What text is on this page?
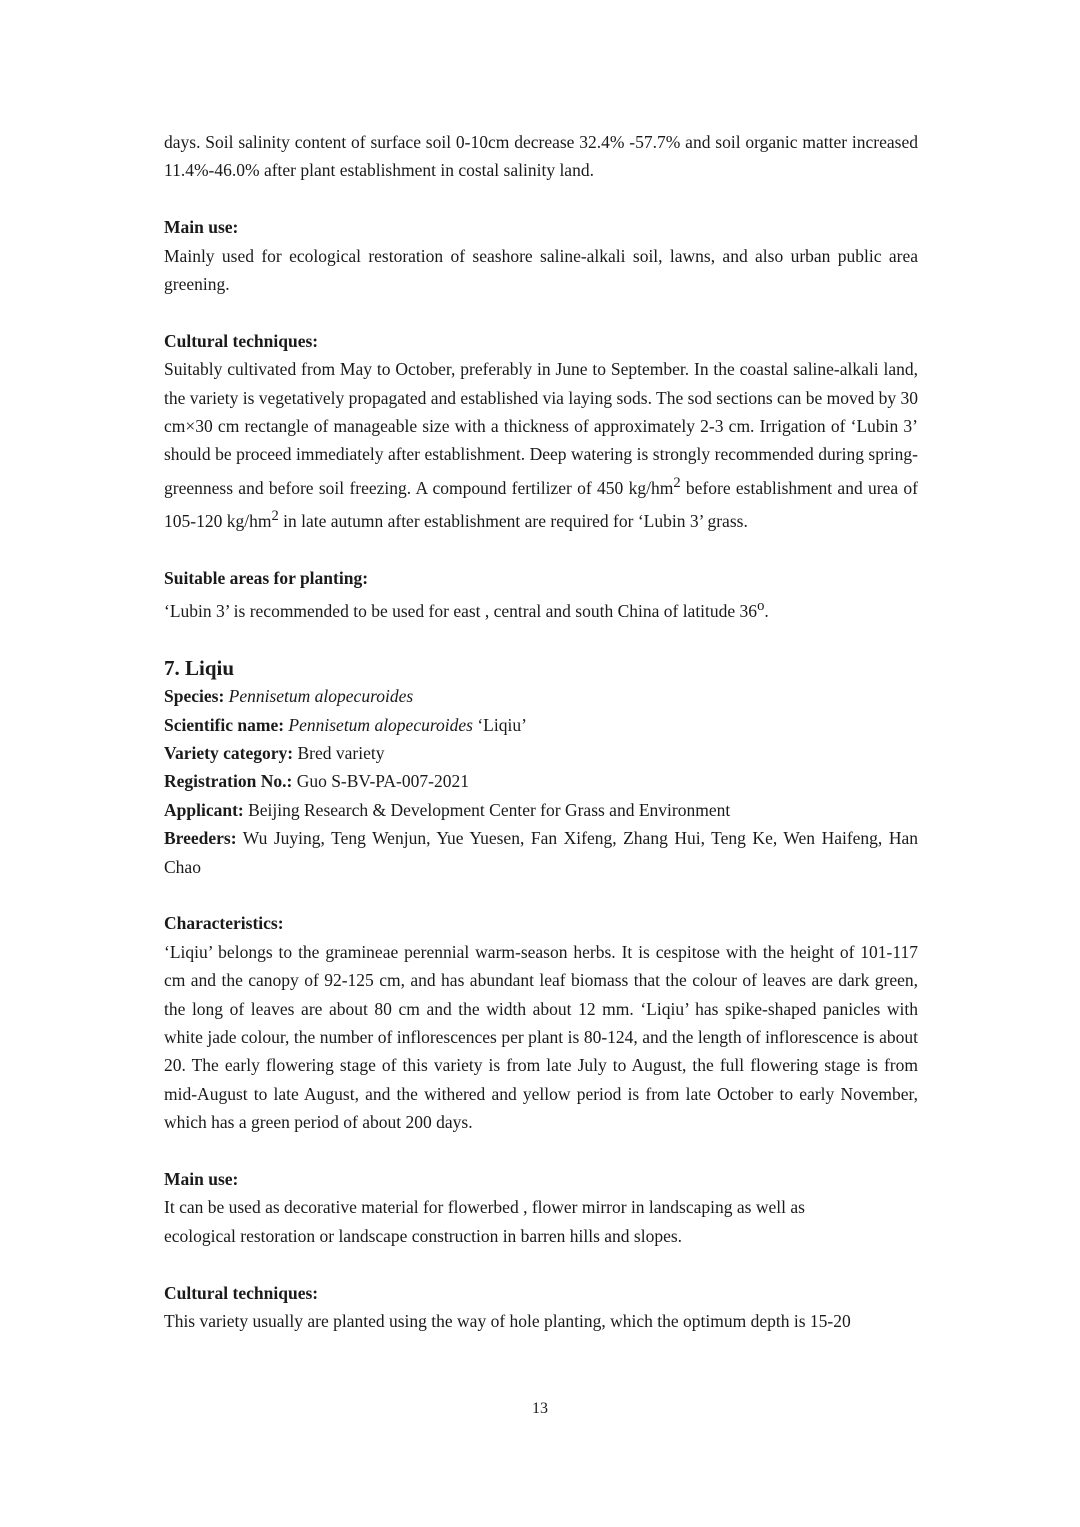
days. Soil salinity content of surface soil 0-10cm decrease 32.4% -57.7% and soil organic matter increased 11.4%-46.0% after plant establishment in costal salinity land.

Main use:

Mainly used for ecological restoration of seashore saline-alkali soil, lawns, and also urban public area greening.

Cultural techniques:

Suitably cultivated from May to October, preferably in June to September. In the coastal saline-alkali land, the variety is vegetatively propagated and established via laying sods. The sod sections can be moved by 30 cm×30 cm rectangle of manageable size with a thickness of approximately 2-3 cm. Irrigation of ‘Lubin 3’ should be proceed immediately after establishment. Deep watering is strongly recommended during spring-greenness and before soil freezing. A compound fertilizer of 450 $kg/hm^2$ before establishment and urea of 105-120 $kg/hm^2$ in late autumn after establishment are required for ‘Lubin 3’ grass.

Suitable areas for planting:

‘Lubin 3’ is recommended to be used for east , central and south China of latitude 36$^o$.

7. Liqiu

Species: Pennisetum alopecuroides

Scientific name: Pennisetum alopecuroides ‘Liqiu’

Variety category: Bred variety

Registration No.: Guo S-BV-PA-007-2021

Applicant: Beijing Research & Development Center for Grass and Environment

Breeders: Wu Juying, Teng Wenjun, Yue Yuesen, Fan Xifeng, Zhang Hui, Teng Ke, Wen Haifeng, Han Chao

Characteristics:

‘Liqiu’ belongs to the gramineae perennial warm-season herbs. It is cespitose with the height of 101-117 cm and the canopy of 92-125 cm, and has abundant leaf biomass that the colour of leaves are dark green, the long of leaves are about 80 cm and the width about 12 mm. ‘Liqiu’ has spike-shaped panicles with white jade colour, the number of inflorescences per plant is 80-124, and the length of inflorescence is about 20. The early flowering stage of this variety is from late July to August, the full flowering stage is from mid-August to late August, and the withered and yellow period is from late October to early November, which has a green period of about 200 days.

Main use:

It can be used as decorative material for flowerbed , flower mirror in landscaping as well as

ecological restoration or landscape construction in barren hills and slopes.

Cultural techniques:

This variety usually are planted using the way of hole planting, which the optimum depth is 15-20

13
